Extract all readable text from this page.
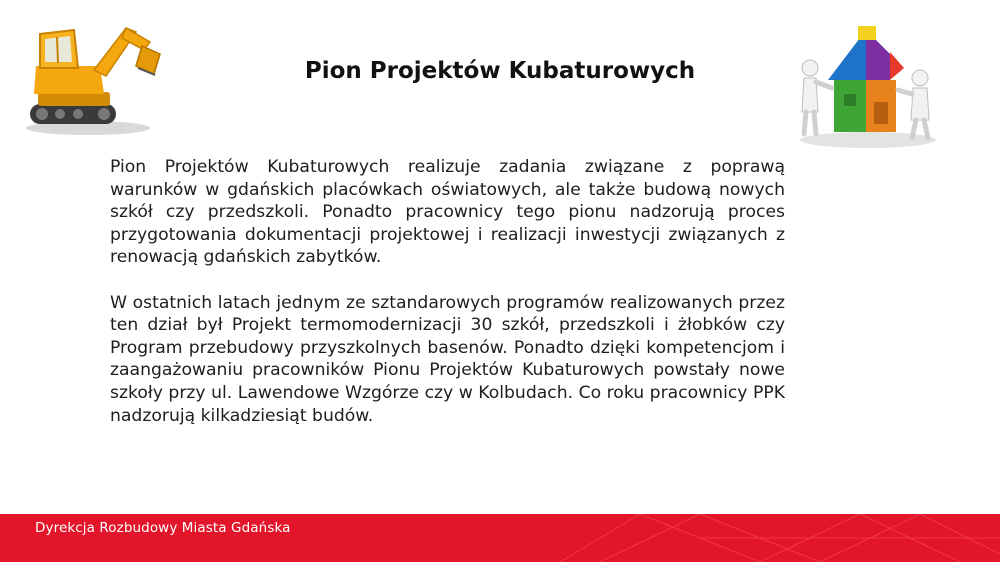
Pion Projektów Kubaturowych

Pion Projektów Kubaturowych realizuje zadania związane z poprawą warunków w gdańskich placówkach oświatowych, ale także budową nowych szkół czy przedszkoli. Ponadto pracownicy tego pionu nadzorują proces przygotowania dokumentacji projektowej i realizacji inwestycji związanych z renowacją gdańskich zabytków.

W ostatnich latach jednym ze sztandarowych programów realizowanych przez ten dział był Projekt termomodernizacji 30 szkół, przedszkoli i żłobków czy Program przebudowy przyszkolnych basenów. Ponadto dzięki kompetencjom i zaangażowaniu pracowników Pionu Projektów Kubaturowych powstały nowe szkoły przy ul. Lawendowe Wzgórze czy w Kolbudach. Co roku pracownicy PPK nadzorują kilkadziesiąt budów.

Dyrekcja Rozbudowy Miasta Gdańska
